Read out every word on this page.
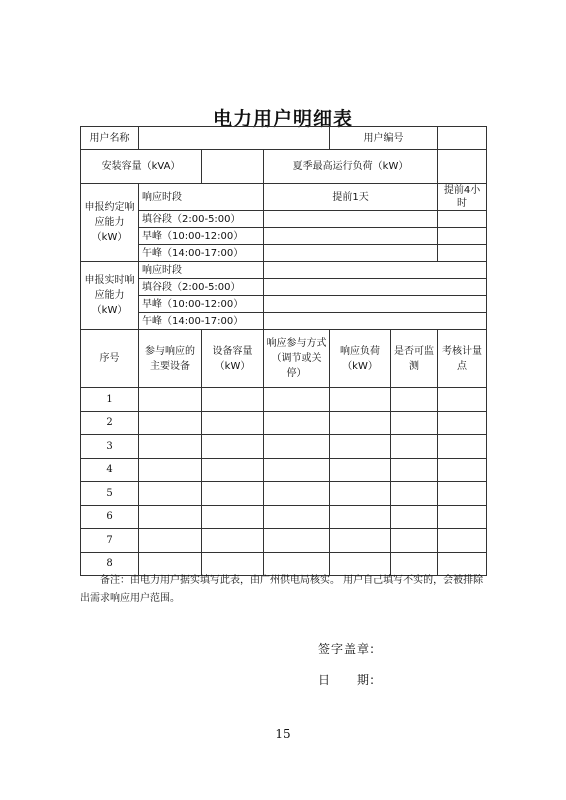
电力用户明细表
用户名称				用户编号		
安装容量（kVA）			夏季最高运行负荷（kW）			
申报约定响应能力（kW）	响应时段		提前1天			提前4小时
	填谷段（2:00-5:00）					
	早峰（10:00-12:00）					
	午峰（14:00-17:00）					
申报实时响应能力（kW）	响应时段					
	填谷段（2:00-5:00）					
	早峰（10:00-12:00）					
	午峰（14:00-17:00）					
序号	参与响应的主要设备	设备容量（kW）	响应参与方式（调节或关停）	响应负荷（kW）	是否可监测	考核计量点
1						
2						
3						
4						
5						
6						
7						
8						
备注：由电力用户据实填写此表，由广州供电局核实。 用户自己填写不实的，会被排除出需求响应用户范围。
签字盖章:
日　　期:
15
